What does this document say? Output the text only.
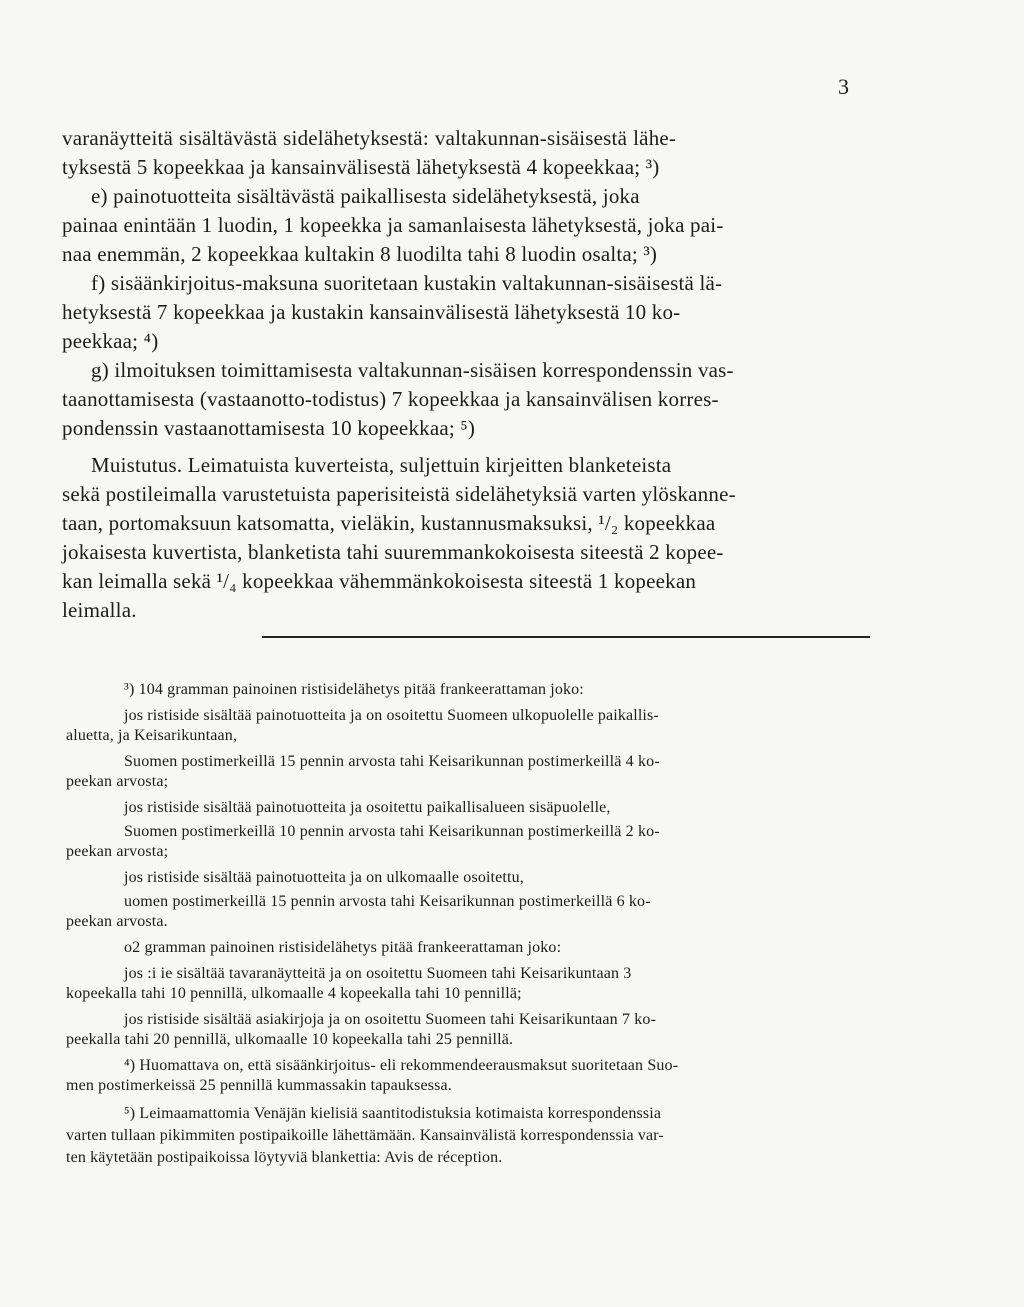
3
varanäytteitä sisältävästä sidelähetyksestä: valtakunnan-sisäisestä lähe-
tyksestä 5 kopeekkaa ja kansainvälisestä lähetyksestä 4 kopeekkaa; ³)
e) painotuotteita sisältävästä paikallisesta sidelähetyksestä, joka
painaa enintään 1 luodin, 1 kopeekka ja samanlaisesta lähetyksestä, joka pai-
naa enemmän, 2 kopeekkaa kultakin 8 luodilta tahi 8 luodin osalta; ³)
f) sisäänkirjoitus-maksuna suoritetaan kustakin valtakunnan-sisäisestä lä-
hetyksestä 7 kopeekkaa ja kustakin kansainvälisestä lähetyksestä 10 ko-
peekkaa; ⁴)
g) ilmoituksen toimittamisesta valtakunnan-sisäisen korrespondenssin vas-
taanottamisesta (vastaanotto-todistus) 7 kopeekkaa ja kansainvälisen korres-
pondenssin vastaanottamisesta 10 kopeekkaa; ⁵)
Muistutus. Leimatuista kuverteista, suljettuin kirjeitten blanketeista
sekä postileimalla varustetuista paperisiteistä sidelähetyksiä varten ylöskanne-
taan, portomaksuun katsomatta, vieläkin, kustannusmaksuksi, ¹/₂ kopeekkaa
jokaisesta kuvertista, blanketista tahi suuremmankokoisesta siteestä 2 kopee-
kan leimalla sekä ¹/₄ kopeekkaa vähemmänkokoisesta siteestä 1 kopeekan
leimalla.
³) 104 gramman painoinen ristisidelähetys pitää frankeerattaman joko:
jos ristiside sisältää painotuotteita ja on osoitettu Suomeen ulkopuolelle paikallis-
aluetta, ja Keisarikuntaan,
Suomen postimerkeillä 15 pennin arvosta tahi Keisarikunnan postimerkeillä 4 ko-
peekan arvosta;
jos ristiside sisältää painotuotteita ja osoitettu paikallisalueen sisäpuolelle,
Suomen postimerkeillä 10 pennin arvosta tahi Keisarikunnan postimerkeillä 2 ko-
peekan arvosta;
jos ristiside sisältää painotuotteita ja on ulkomaalle osoitettu,
uomen postimerkeillä 15 pennin arvosta tahi Keisarikunnan postimerkeillä 6 ko-
peekan arvosta.
o2 gramman painoinen ristisidelähetys pitää frankeerattaman joko:
jos :i ie sisältää tavaranäytteitä ja on osoitettu Suomeen tahi Keisarikuntaan 3
kopeekalla tahi 10 pennillä, ulkomaalle 4 kopeekalla tahi 10 pennillä;
jos ristiside sisältää asiakirjoja ja on osoitettu Suomeen tahi Keisarikuntaan 7 ko-
peekalla tahi 20 pennillä, ulkomaalle 10 kopeekalla tahi 25 pennillä.
⁴) Huomattava on, että sisäänkirjoitus- eli rekommendeerausmaksut suoritetaan Suo-
men postimerkeissä 25 pennillä kummassakin tapauksessa.
⁵) Leimaamattomia Venäjän kielisiä saantitodistuksia kotimaista korrespondenssia
varten tullaan pikimmiten postipaikoille lähettämään. Kansainvälistä korrespondenssia var-
ten käytetään postipaikoissa löytyviä blankettia: Avis de réception.
